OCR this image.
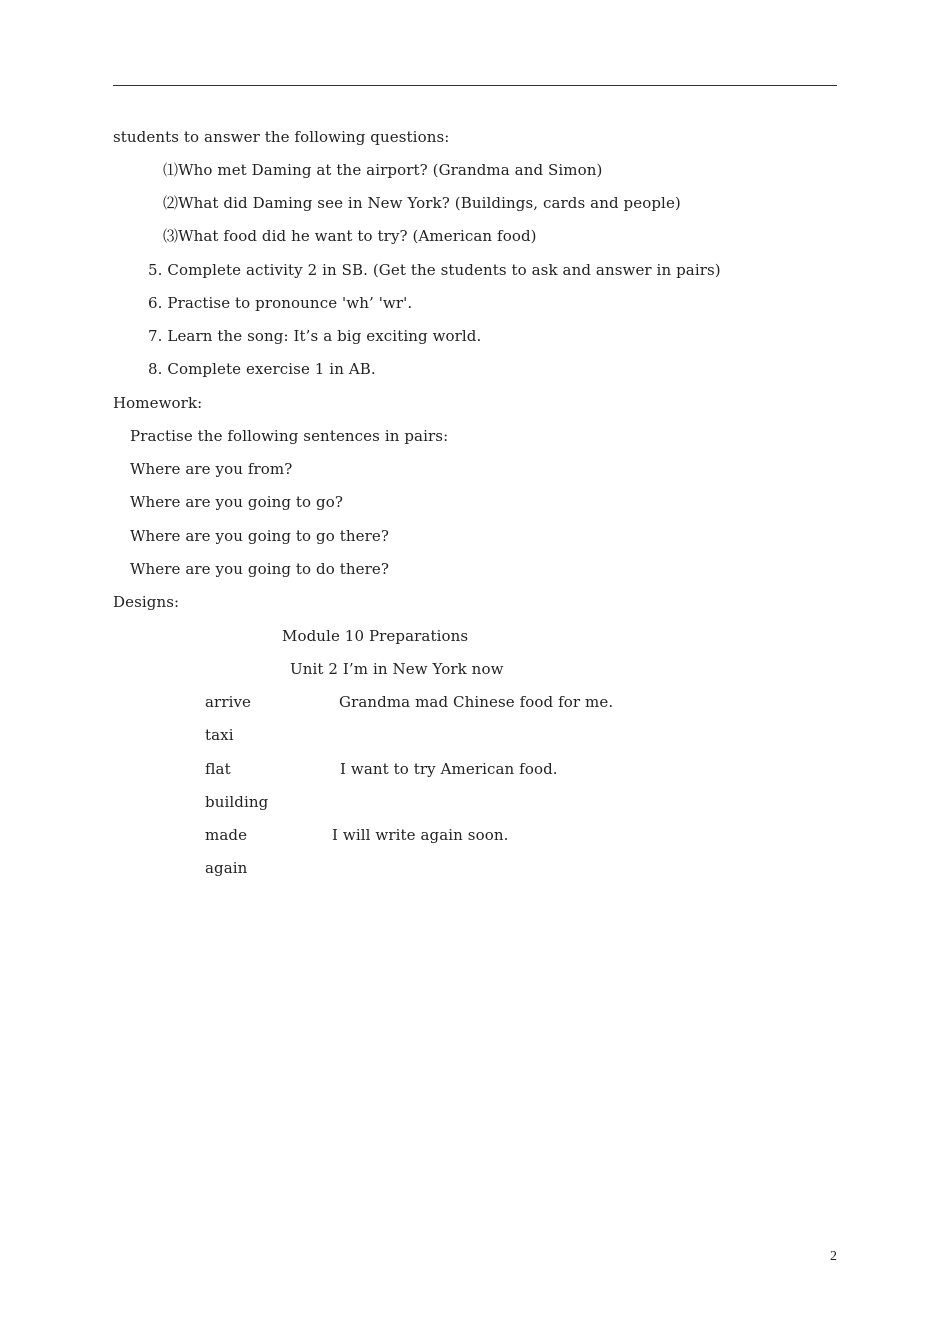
students to answer the following questions:
⑴Who met Daming at the airport? (Grandma and Simon)
⑵What did Daming see in New York? (Buildings, cards and people)
⑶What food did he want to try? (American food)
5. Complete activity 2 in SB. (Get the students to ask and answer in pairs)
6. Practise to pronounce 'wh’ 'wr'.
7. Learn the song: It’s a big exciting world.
8. Complete exercise 1 in AB.
Homework:
Practise the following sentences in pairs:
Where are you from?
Where are you going to go?
Where are you going to go there?
Where are you going to do there?
Designs:
Module 10 Preparations
Unit 2 I’m in New York now
arrive	Grandma mad Chinese food for me.
taxi
flat	I want to try American food.
building
made	I will write again soon.
again
2
